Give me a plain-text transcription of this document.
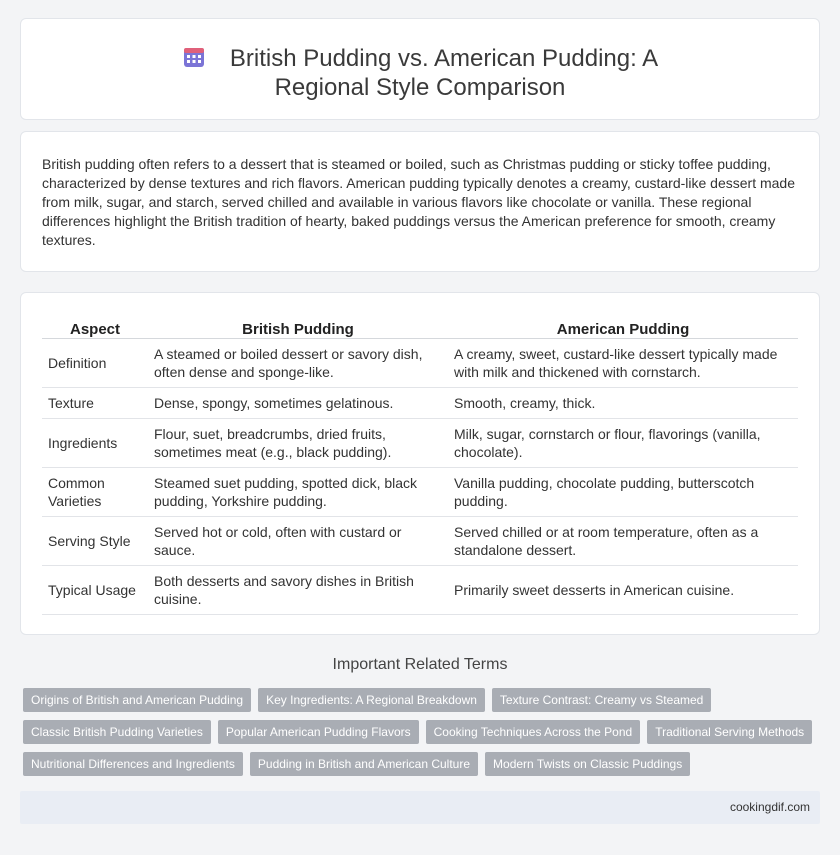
British Pudding vs. American Pudding: A Regional Style Comparison

British pudding often refers to a dessert that is steamed or boiled, such as Christmas pudding or sticky toffee pudding, characterized by dense textures and rich flavors. American pudding typically denotes a creamy, custard-like dessert made from milk, sugar, and starch, served chilled and available in various flavors like chocolate or vanilla. These regional differences highlight the British tradition of hearty, baked puddings versus the American preference for smooth, creamy textures.

Aspect	British Pudding	American Pudding
Definition	A steamed or boiled dessert or savory dish, often dense and sponge-like.	A creamy, sweet, custard-like dessert typically made with milk and thickened with cornstarch.
Texture	Dense, spongy, sometimes gelatinous.	Smooth, creamy, thick.
Ingredients	Flour, suet, breadcrumbs, dried fruits, sometimes meat (e.g., black pudding).	Milk, sugar, cornstarch or flour, flavorings (vanilla, chocolate).
Common Varieties	Steamed suet pudding, spotted dick, black pudding, Yorkshire pudding.	Vanilla pudding, chocolate pudding, butterscotch pudding.
Serving Style	Served hot or cold, often with custard or sauce.	Served chilled or at room temperature, often as a standalone dessert.
Typical Usage	Both desserts and savory dishes in British cuisine.	Primarily sweet desserts in American cuisine.
Important Related Terms
Origins of British and American Pudding	Key Ingredients: A Regional Breakdown	Texture Contrast: Creamy vs Steamed
Classic British Pudding Varieties	Popular American Pudding Flavors	Cooking Techniques Across the Pond	Traditional Serving Methods
Nutritional Differences and Ingredients	Pudding in British and American Culture	Modern Twists on Classic Puddings
cookingdif.com
